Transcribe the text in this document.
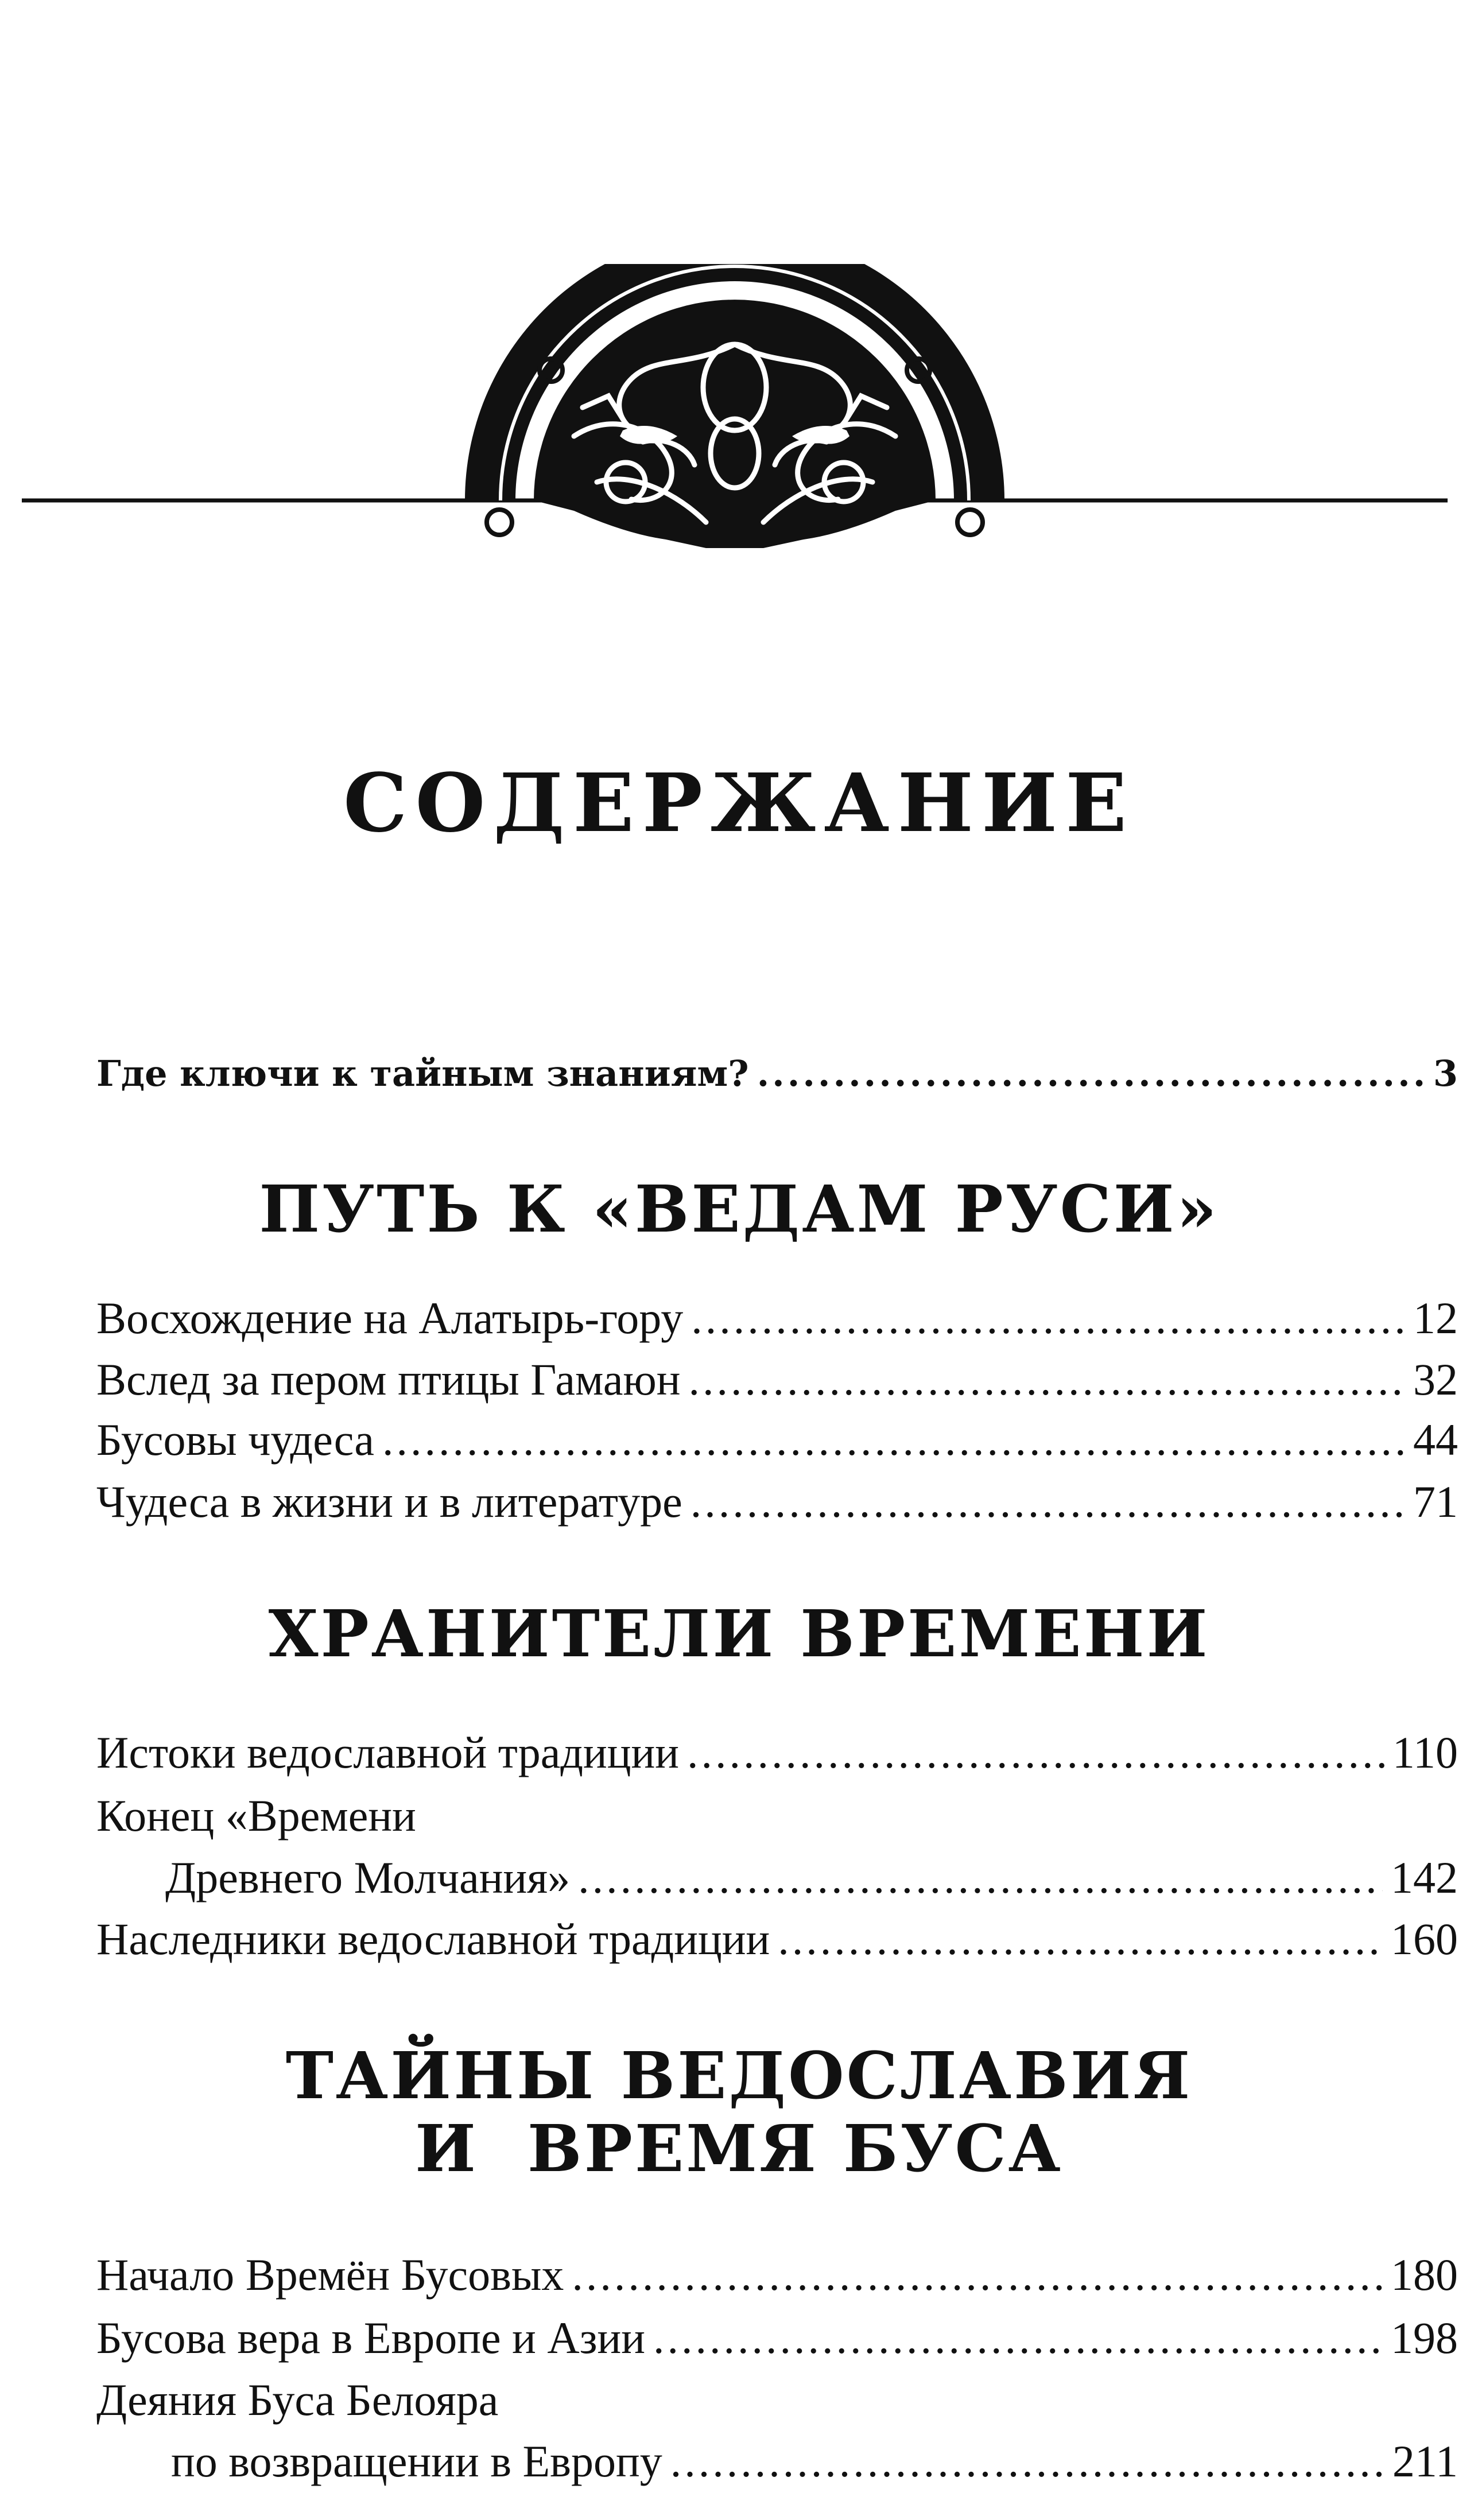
СОДЕРЖАНИЕ
Где ключи к тайным знаниям? .....	3
ПУТЬ К «ВЕДАМ РУСИ»
Восхождение на Алатырь-гору .....	12
Вслед за пером птицы Гамаюн .....	32
Бусовы чудеса .....	44
Чудеса в жизни и в литературе .....	71
ХРАНИТЕЛИ ВРЕМЕНИ
Истоки ведославной традиции .....	110
Конец «Времени
Древнего Молчания» .....	142
Наследники ведославной традиции .....	160
ТАЙНЫ ВЕДОСЛАВИЯ
И  ВРЕМЯ БУСА
Начало Времён Бусовых .....	180
Бусова вера в Европе и Азии .....	198
Деяния Буса Белояра
по возвращении в Европу .....	211
